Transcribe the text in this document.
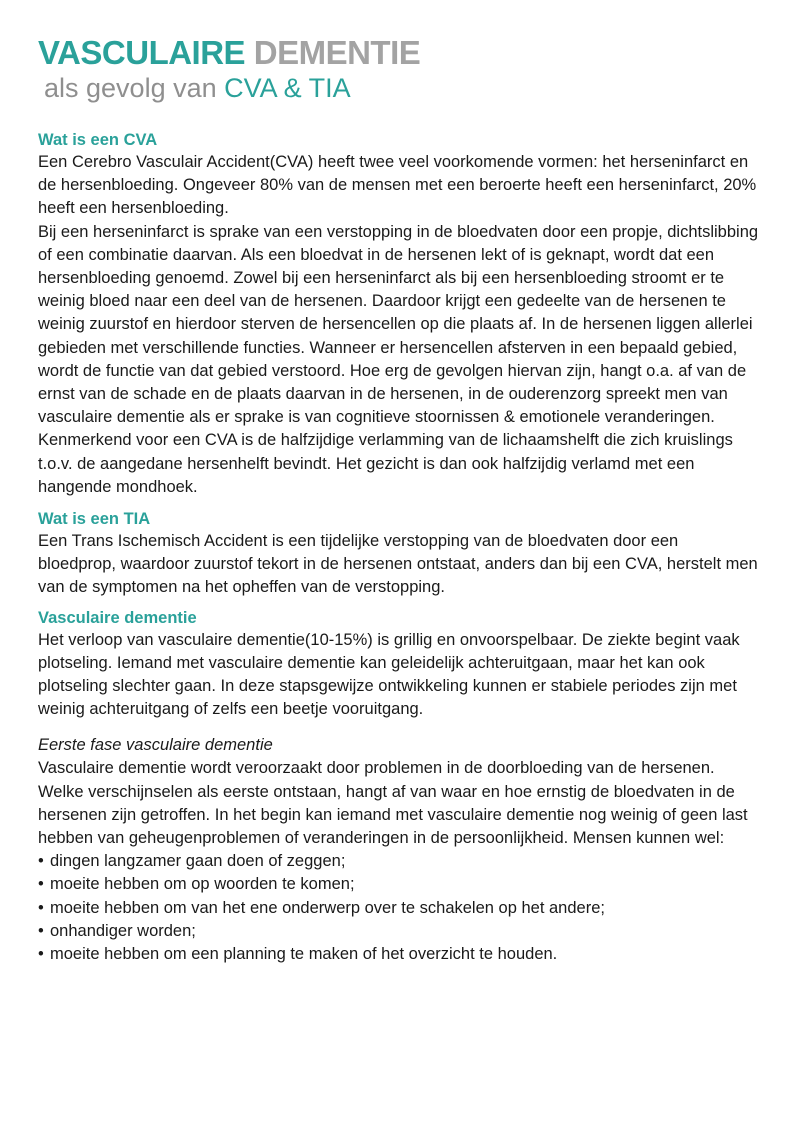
VASCULAIRE DEMENTIE

als gevolg van CVA & TIA

Wat is een CVA

Een Cerebro Vasculair Accident(CVA) heeft twee veel voorkomende vormen: het herseninfarct en de hersenbloeding. Ongeveer 80% van de mensen met een beroerte heeft een herseninfarct, 20% heeft een hersenbloeding.

Bij een herseninfarct is sprake van een verstopping in de bloedvaten door een propje, dichtslibbing of een combinatie daarvan. Als een bloedvat in de hersenen lekt of is geknapt, wordt dat een hersenbloeding genoemd. Zowel bij een herseninfarct als bij een hersenbloeding stroomt er te weinig bloed naar een deel van de hersenen. Daardoor krijgt een gedeelte van de hersenen te weinig zuurstof en hierdoor sterven de hersencellen op die plaats af. In de hersenen liggen allerlei gebieden met verschillende functies. Wanneer er hersencellen afsterven in een bepaald gebied, wordt de functie van dat gebied verstoord. Hoe erg de gevolgen hiervan zijn, hangt o.a. af van de ernst van de schade en de plaats daarvan in de hersenen, in de ouderenzorg spreekt men van vasculaire dementie als er sprake is van cognitieve stoornissen & emotionele veranderingen.

Kenmerkend voor een CVA is de halfzijdige verlamming van de lichaamshelft die zich kruislings t.o.v. de aangedane hersenhelft bevindt. Het gezicht is dan ook halfzijdig verlamd met een hangende mondhoek.

Wat is een TIA

Een Trans Ischemisch Accident is een tijdelijke verstopping van de bloedvaten door een bloedprop, waardoor zuurstof tekort in de hersenen ontstaat, anders dan bij een CVA, herstelt men van de symptomen na het opheffen van de verstopping.

Vasculaire dementie

Het verloop van vasculaire dementie(10-15%) is grillig en onvoorspelbaar. De ziekte begint vaak plotseling. Iemand met vasculaire dementie kan geleidelijk achteruitgaan, maar het kan ook plotseling slechter gaan. In deze stapsgewijze ontwikkeling kunnen er stabiele periodes zijn met weinig achteruitgang of zelfs een beetje vooruitgang.

Eerste fase vasculaire dementie

Vasculaire dementie wordt veroorzaakt door problemen in de doorbloeding van de hersenen. Welke verschijnselen als eerste ontstaan, hangt af van waar en hoe ernstig de bloedvaten in de hersenen zijn getroffen. In het begin kan iemand met vasculaire dementie nog weinig of geen last hebben van geheugenproblemen of veranderingen in de persoonlijkheid. Mensen kunnen wel:

• dingen langzamer gaan doen of zeggen;
• moeite hebben om op woorden te komen;
• moeite hebben om van het ene onderwerp over te schakelen op het andere;
• onhandiger worden;
• moeite hebben om een planning te maken of het overzicht te houden.
